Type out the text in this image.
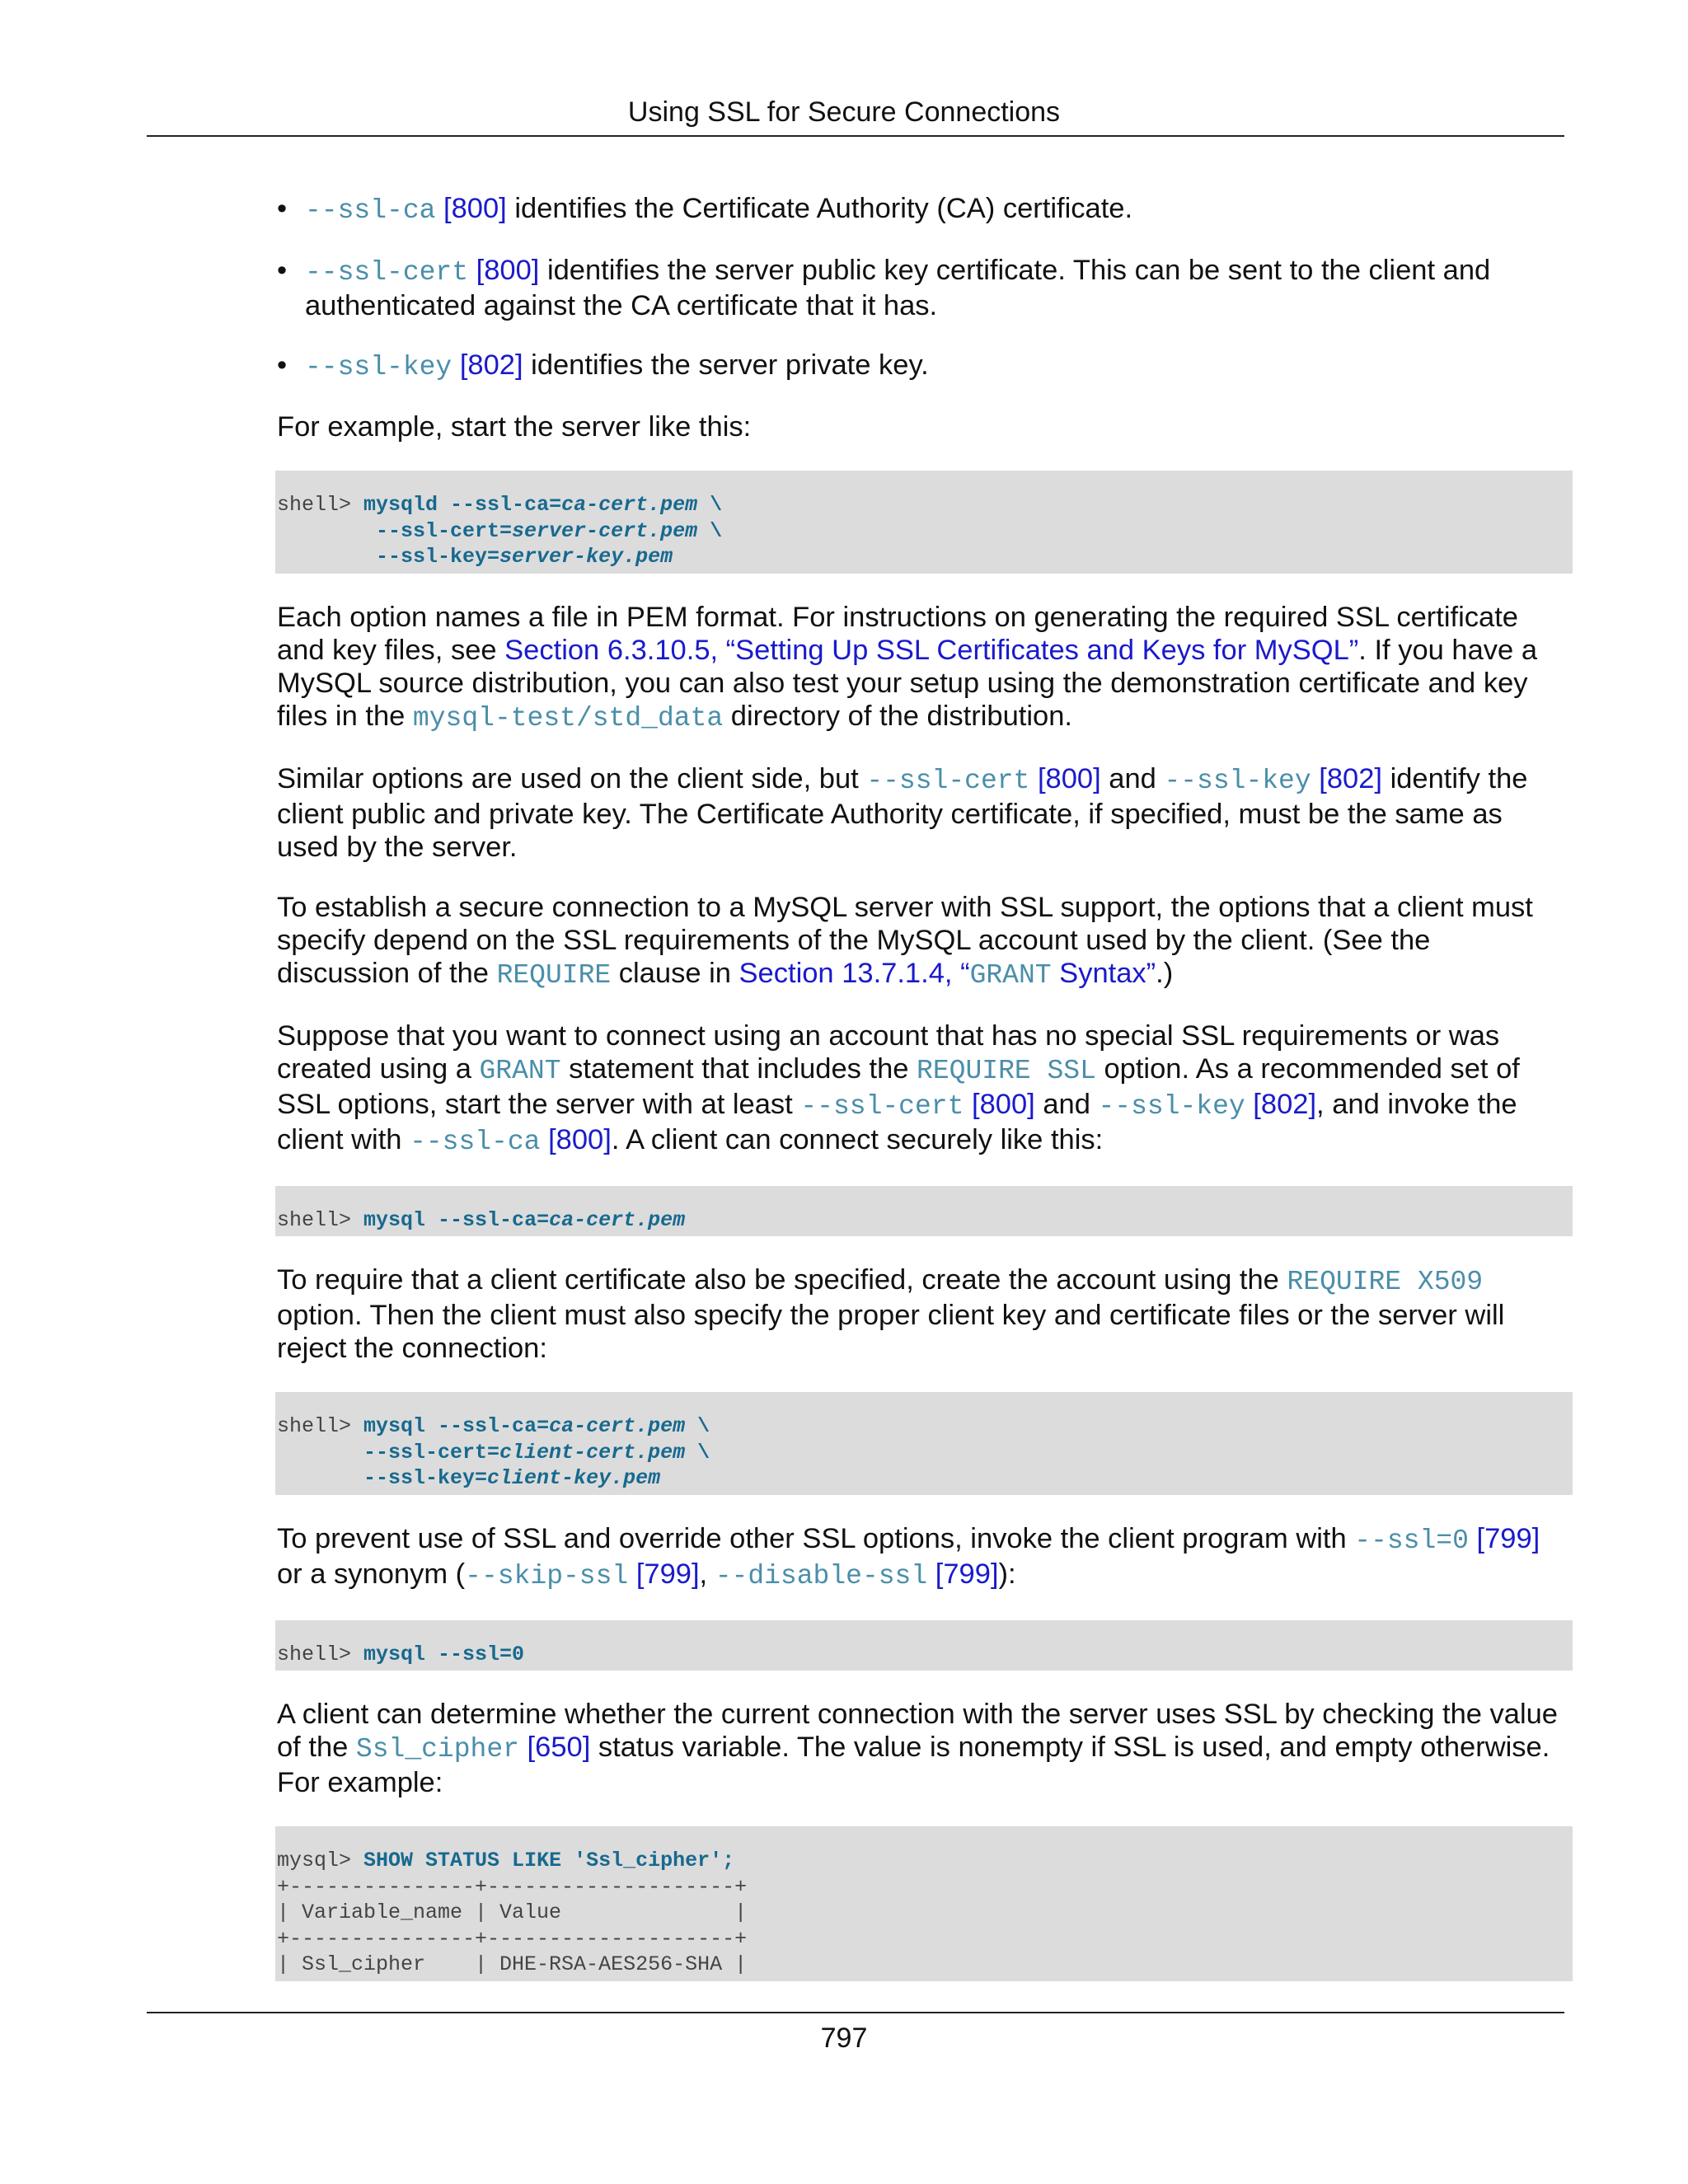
Using SSL for Secure Connections
• --ssl-ca [800] identifies the Certificate Authority (CA) certificate.
• --ssl-cert [800] identifies the server public key certificate. This can be sent to the client and authenticated against the CA certificate that it has.
• --ssl-key [802] identifies the server private key.

For example, start the server like this:

shell> mysqld --ssl-ca=ca-cert.pem \
--ssl-cert=server-cert.pem \
--ssl-key=server-key.pem

Each option names a file in PEM format. For instructions on generating the required SSL certificate and key files, see Section 6.3.10.5, “Setting Up SSL Certificates and Keys for MySQL”. If you have a MySQL source distribution, you can also test your setup using the demonstration certificate and key files in the mysql-test/std_data directory of the distribution.

Similar options are used on the client side, but --ssl-cert [800] and --ssl-key [802] identify the client public and private key. The Certificate Authority certificate, if specified, must be the same as used by the server.

To establish a secure connection to a MySQL server with SSL support, the options that a client must specify depend on the SSL requirements of the MySQL account used by the client. (See the discussion of the REQUIRE clause in Section 13.7.1.4, “GRANT Syntax”.)

Suppose that you want to connect using an account that has no special SSL requirements or was created using a GRANT statement that includes the REQUIRE SSL option. As a recommended set of SSL options, start the server with at least --ssl-cert [800] and --ssl-key [802], and invoke the client with --ssl-ca [800]. A client can connect securely like this:

shell> mysql --ssl-ca=ca-cert.pem

To require that a client certificate also be specified, create the account using the REQUIRE X509 option. Then the client must also specify the proper client key and certificate files or the server will reject the connection:

shell> mysql --ssl-ca=ca-cert.pem \
--ssl-cert=client-cert.pem \
--ssl-key=client-key.pem

To prevent use of SSL and override other SSL options, invoke the client program with --ssl=0 [799] or a synonym (--skip-ssl [799], --disable-ssl [799]):

shell> mysql --ssl=0

A client can determine whether the current connection with the server uses SSL by checking the value of the Ssl_cipher [650] status variable. The value is nonempty if SSL is used, and empty otherwise. For example:

mysql> SHOW STATUS LIKE 'Ssl_cipher';
+---------------+--------------------+
| Variable_name | Value              |
+---------------+--------------------+
| Ssl_cipher    | DHE-RSA-AES256-SHA |
797
